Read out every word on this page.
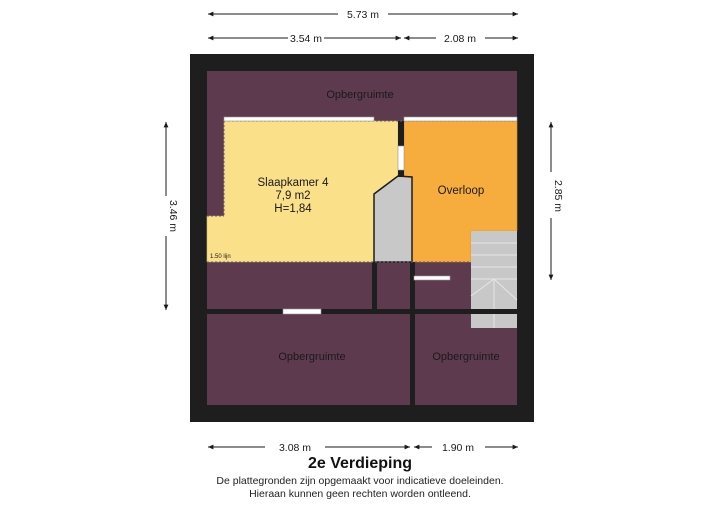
5.73 m
3.54 m	2.08 m
3.46 m
2.85 m
3.08 m	1.90 m
Opbergruimte
Slaapkamer 4
7,9 m2
H=1,84
Overloop
1.50 lijn
Opbergruimte	Opbergruimte
2e Verdieping
De plattegronden zijn opgemaakt voor indicatieve doeleinden.
Hieraan kunnen geen rechten worden ontleend.
